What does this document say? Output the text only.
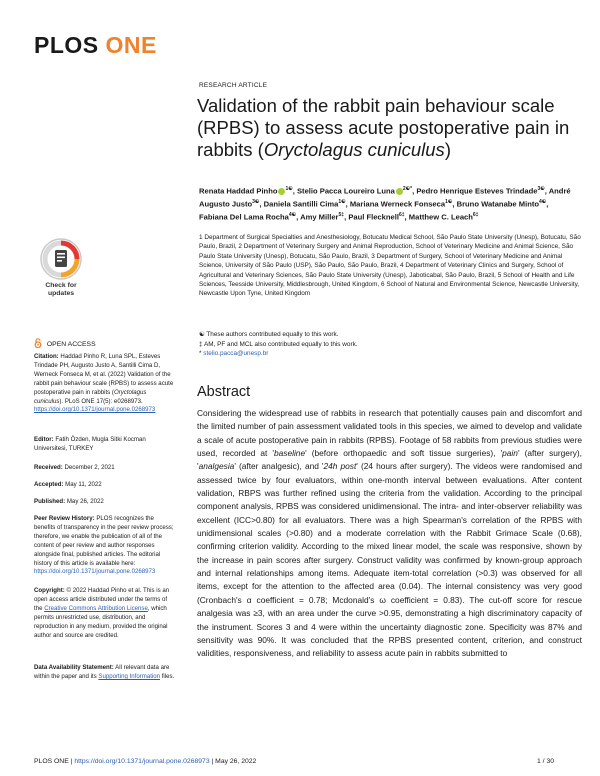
PLOS ONE
Check for updates
OPEN ACCESS
Citation: Haddad Pinho R, Luna SPL, Esteves Trindade PH, Augusto Justo A, Santilli Cima D, Werneck Fonseca M, et al. (2022) Validation of the rabbit pain behaviour scale (RPBS) to assess acute postoperative pain in rabbits (Oryctolagus cuniculus). PLoS ONE 17(5): e0268973. https://doi.org/10.1371/journal.pone.0268973
Editor: Fatih Özden, Mugla Sitki Kocman Universitesi, TURKEY
Received: December 2, 2021
Accepted: May 11, 2022
Published: May 26, 2022
Peer Review History: PLOS recognizes the benefits of transparency in the peer review process; therefore, we enable the publication of all of the content of peer review and author responses alongside final, published articles. The editorial history of this article is available here: https://doi.org/10.1371/journal.pone.0268973
Copyright: © 2022 Haddad Pinho et al. This is an open access article distributed under the terms of the Creative Commons Attribution License, which permits unrestricted use, distribution, and reproduction in any medium, provided the original author and source are credited.
Data Availability Statement: All relevant data are within the paper and its Supporting Information files.
RESEARCH ARTICLE
Validation of the rabbit pain behaviour scale (RPBS) to assess acute postoperative pain in rabbits (Oryctolagus cuniculus)
Renata Haddad Pinho $^{1☯}$, Stelio Pacca Loureiro Luna $^{2☯*}$, Pedro Henrique Esteves Trindade$^{3☯}$, André Augusto Justo$^{3☯}$, Daniela Santilli Cima$^{1☯}$, Mariana Werneck Fonseca$^{1☯}$, Bruno Watanabe Minto$^{4☯}$, Fabiana Del Lama Rocha$^{4☯}$, Amy Miller$^{5\ddagger}$, Paul Flecknell$^{6\ddagger}$, Matthew C. Leach$^{6\ddagger}$
1 Department of Surgical Specialties and Anesthesiology, Botucatu Medical School, São Paulo State University (Unesp), Botucatu, São Paulo, Brazil, 2 Department of Veterinary Surgery and Animal Reproduction, School of Veterinary Medicine and Animal Science, São Paulo State University (Unesp), Botucatu, São Paulo, Brazil, 3 Department of Surgery, School of Veterinary Medicine and Animal Science, University of São Paulo (USP), São Paulo, São Paulo, Brazil, 4 Department of Veterinary Clinics and Surgery, School of Agricultural and Veterinary Sciences, São Paulo State University (Unesp), Jaboticabal, São Paulo, Brazil, 5 School of Health and Life Sciences, Teesside University, Middlesbrough, United Kingdom, 6 School of Natural and Environmental Science, Newcastle University, Newcastle Upon Tyne, United Kingdom
☯ These authors contributed equally to this work.
‡ AM, PF and MCL also contributed equally to this work.
* stelio.pacca@unesp.br
Abstract

Considering the widespread use of rabbits in research that potentially causes pain and discomfort and the limited number of pain assessment validated tools in this species, we aimed to develop and validate a scale of acute postoperative pain in rabbits (RPBS). Footage of 58 rabbits from previous studies were used, recorded at 'baseline' (before orthopaedic and soft tissue surgeries), 'pain' (after surgery), 'analgesia' (after analgesic), and '24h post' (24 hours after surgery). The videos were randomised and assessed twice by four evaluators, within one-month interval between evaluations. After content validation, RBPS was further refined using the criteria from the validation. According to the principal component analysis, RPBS was considered unidimensional. The intra- and inter-observer reliability was excellent (ICC>0.80) for all evaluators. There was a high Spearman's correlation of the RPBS with unidimensional scales (>0.80) and a moderate correlation with the Rabbit Grimace Scale (0.68), confirming criterion validity. According to the mixed linear model, the scale was responsive, shown by the increase in pain scores after surgery. Construct validity was confirmed by known-group approach and internal relationships among items. Adequate item-total correlation (>0.3) was observed for all items, except for the attention to the affected area (0.04). The internal consistency was very good (Cronbach's α coefficient = 0.78; Mcdonald's ω coefficient = 0.83). The cut-off score for rescue analgesia was ≥3, with an area under the curve >0.95, demonstrating a high discriminatory capacity of the instrument. Scores 3 and 4 were within the uncertainty diagnostic zone. Specificity was 87% and sensitivity was 90%. It was concluded that the RPBS presented content, criterion, and construct validities, responsiveness, and reliability to assess acute pain in rabbits submitted to

PLOS ONE | https://doi.org/10.1371/journal.pone.0268973 | May 26, 2022	1 / 30
